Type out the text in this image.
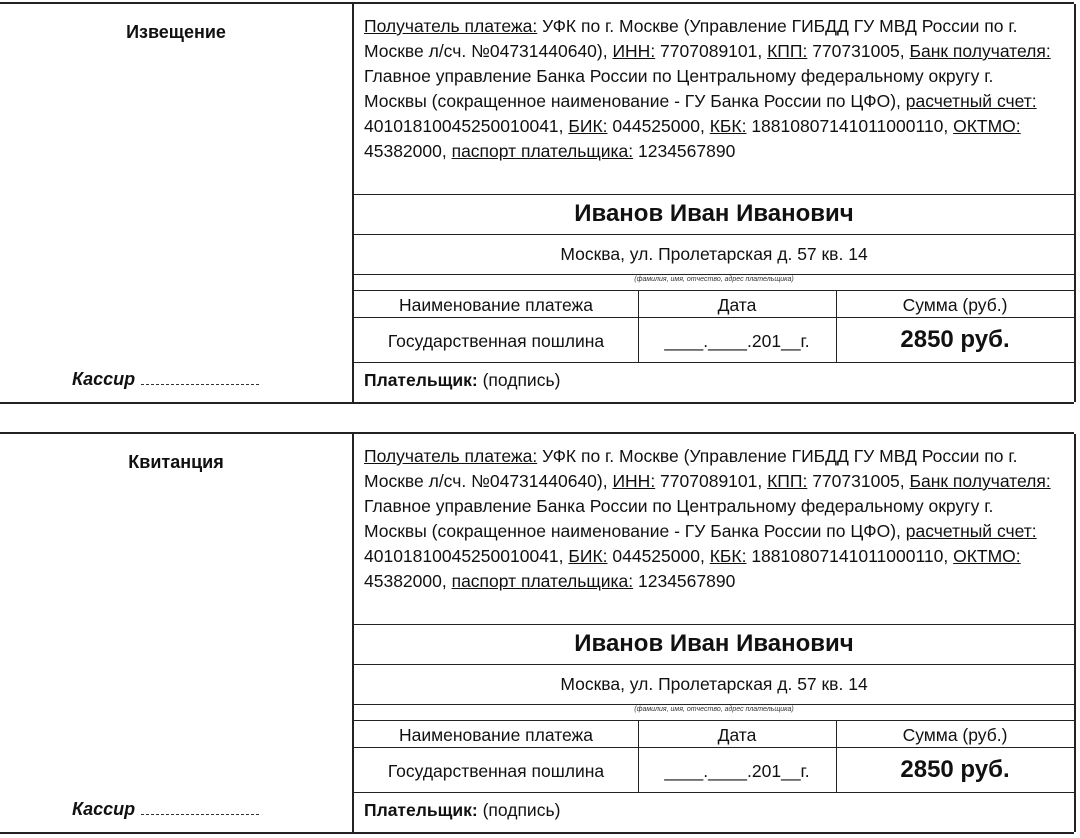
Извещение
Кассир
Получатель платежа: УФК по г. Москве (Управление ГИБДД ГУ МВД России по г. Москве л/сч. №04731440640), ИНН: 7707089101, КПП: 770731005, Банк получателя: Главное управление Банка России по Центральному федеральному округу г. Москвы (сокращенное наименование - ГУ Банка России по ЦФО), расчетный счет: 40101810045250010041, БИК: 044525000, КБК: 18810807141011000110, ОКТМО: 45382000, паспорт плательщика: 1234567890
Иванов Иван Иванович
Москва, ул. Пролетарская д. 57 кв. 14
(фамилия, имя, отчество, адрес плательщика)
Наименование платежа	Дата	Сумма (руб.)
Государственная пошлина	____.____.201__г.	2850 руб.
Плательщик: (подпись)
Квитанция
Кассир
Получатель платежа: УФК по г. Москве (Управление ГИБДД ГУ МВД России по г. Москве л/сч. №04731440640), ИНН: 7707089101, КПП: 770731005, Банк получателя: Главное управление Банка России по Центральному федеральному округу г. Москвы (сокращенное наименование - ГУ Банка России по ЦФО), расчетный счет: 40101810045250010041, БИК: 044525000, КБК: 18810807141011000110, ОКТМО: 45382000, паспорт плательщика: 1234567890
Иванов Иван Иванович
Москва, ул. Пролетарская д. 57 кв. 14
(фамилия, имя, отчество, адрес плательщика)
Наименование платежа	Дата	Сумма (руб.)
Государственная пошлина	____.____.201__г.	2850 руб.
Плательщик: (подпись)
